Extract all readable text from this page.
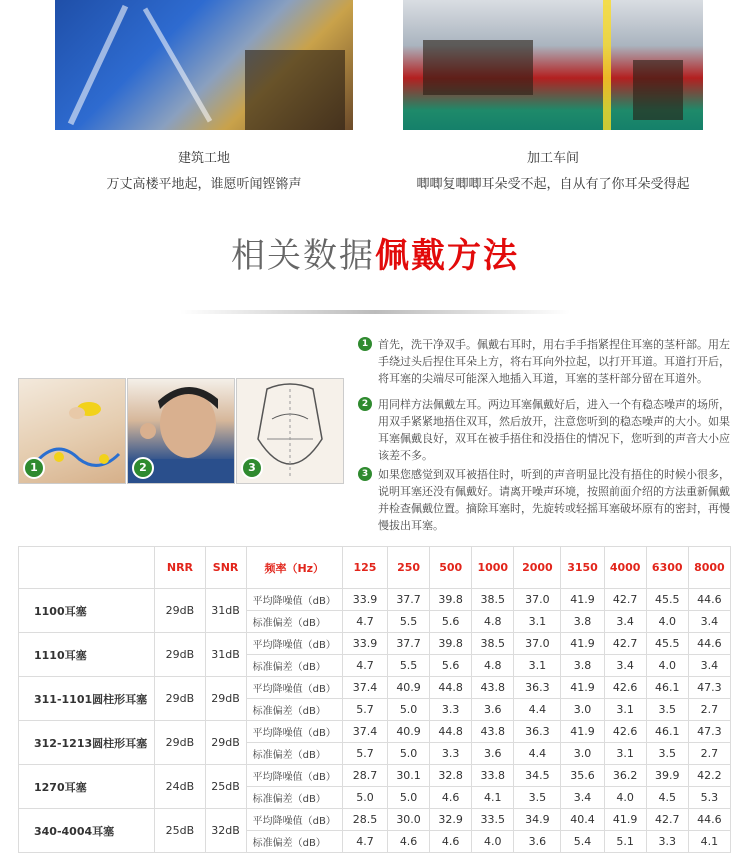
建筑工地
万丈高楼平地起，谁愿听闻铿锵声
加工车间
唧唧复唧唧耳朵受不起，自从有了你耳朵受得起
相关数据佩戴方法
1	2	3
1 首先，洗干净双手。佩戴右耳时，用右手手指紧捏住耳塞的茎杆部。用左手绕过头后捏住耳朵上方，将右耳向外拉起，以打开耳道。耳道打开后，将耳塞的尖端尽可能深入地插入耳道，耳塞的茎杆部分留在耳道外。
2 用同样方法佩戴左耳。两边耳塞佩戴好后，进入一个有稳态噪声的场所，用双手紧紧地捂住双耳，然后放开，注意您听到的稳态噪声的大小。如果耳塞佩戴良好，双耳在被手捂住和没捂住的情况下，您听到的声音大小应该差不多。
3 如果您感觉到双耳被捂住时，听到的声音明显比没有捂住的时候小很多，说明耳塞还没有佩戴好。请离开噪声环境，按照前面介绍的方法重新佩戴并检查佩戴位置。摘除耳塞时，先旋转或轻摇耳塞破坏原有的密封，再慢慢拔出耳塞。
	NRR	SNR	频率（Hz）	125	250	500	1000	2000	3150	4000	6300	8000
1100耳塞	29dB	31dB	平均降噪值（dB）	33.9	37.7	39.8	38.5	37.0	41.9	42.7	45.5	44.6
			标准偏差（dB）	4.7	5.5	5.6	4.8	3.1	3.8	3.4	4.0	3.4
1110耳塞	29dB	31dB	平均降噪值（dB）	33.9	37.7	39.8	38.5	37.0	41.9	42.7	45.5	44.6
			标准偏差（dB）	4.7	5.5	5.6	4.8	3.1	3.8	3.4	4.0	3.4
311-1101圆柱形耳塞	29dB	29dB	平均降噪值（dB）	37.4	40.9	44.8	43.8	36.3	41.9	42.6	46.1	47.3
			标准偏差（dB）	5.7	5.0	3.3	3.6	4.4	3.0	3.1	3.5	2.7
312-1213圆柱形耳塞	29dB	29dB	平均降噪值（dB）	37.4	40.9	44.8	43.8	36.3	41.9	42.6	46.1	47.3
			标准偏差（dB）	5.7	5.0	3.3	3.6	4.4	3.0	3.1	3.5	2.7
1270耳塞	24dB	25dB	平均降噪值（dB）	28.7	30.1	32.8	33.8	34.5	35.6	36.2	39.9	42.2
			标准偏差（dB）	5.0	5.0	4.6	4.1	3.5	3.4	4.0	4.5	5.3
340-4004耳塞	25dB	32dB	平均降噪值（dB）	28.5	30.0	32.9	33.5	34.9	40.4	41.9	42.7	44.6
			标准偏差（dB）	4.7	4.6	4.6	4.0	3.6	5.4	5.1	3.3	4.1
